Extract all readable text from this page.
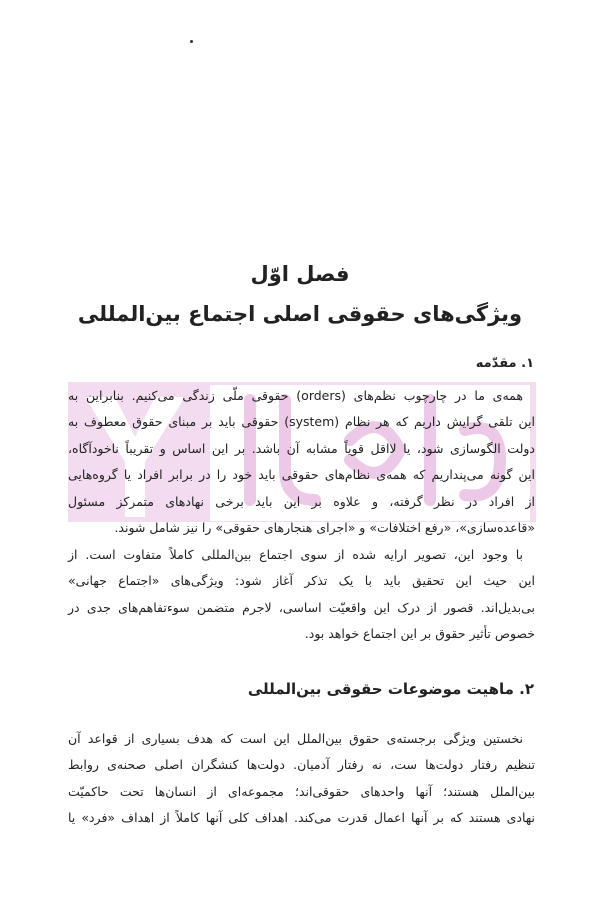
فصل اوّل
ویژگی‌های حقوقی اصلی اجتماع بین‌المللی
۱. مقدّمه
همه‌ی ما در چارچوب نظم‌های (orders) حقوقی ملّی زندگی می‌کنیم. بنابراین به
این تلقی گرایش داریم که هر نظام (system) حقوقی باید بر مبنای حقوق معطوف به
دولت الگوسازی شود، یا لااقل قویاً مشابه آن باشد. بر این اساس و تقریباً ناخودآگاه،
این گونه می‌پنداریم که همه‌ی نظام‌های حقوقی باید خود را در برابر افراد یا گروه‌هایی
از افراد در نظر گرفته، و علاوه بر این باید برخی نهادهای متمرکز مسئول
«قاعده‌سازی»، «رفع اختلافات» و «اجرای هنجارهای حقوقی» را نیز شامل شوند.
با وجود این، تصویر ارایه شده از سوی اجتماع بین‌المللی کاملاً متفاوت است. از
این حیث این تحقیق باید با یک تذکر آغاز شود: ویژگی‌های «اجتماع جهانی»
بی‌بدیل‌اند. قصور از درک این واقعیّت اساسی، لاجرم متضمن سوءتفاهم‌های جدی در
خصوص تأثیر حقوق بر این اجتماع خواهد بود.
۲. ماهیت موضوعات حقوقی بین‌المللی
نخستین ویژگی برجسته‌ی حقوق بین‌الملل این است که هدف بسیاری از قواعد آن
تنظیم رفتار دولت‌ها ست، نه رفتار آدمیان. دولت‌ها کنشگران اصلی صحنه‌ی روابط
بین‌الملل هستند؛ آنها واحدهای حقوقی‌اند؛ مجموعه‌ای از انسان‌ها تحت حاکمیّت
نهادی هستند که بر آنها اعمال قدرت می‌کند. اهداف کلی آنها کاملاً از اهداف «فرد» یا
